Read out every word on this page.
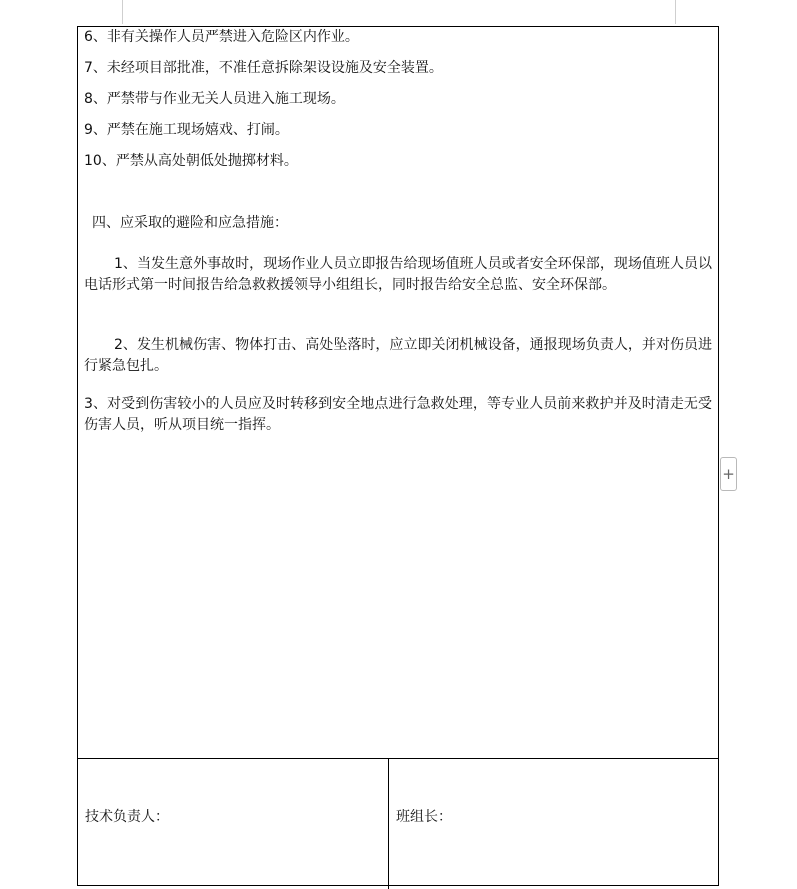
6、非有关操作人员严禁进入危险区内作业。
7、未经项目部批准，不准任意拆除架设设施及安全装置。
8、严禁带与作业无关人员进入施工现场。
9、严禁在施工现场嬉戏、打闹。
10、严禁从高处朝低处抛掷材料。
四、应采取的避险和应急措施：
1、当发生意外事故时，现场作业人员立即报告给现场值班人员或者安全环保部，现场值班人员以电话形式第一时间报告给急救救援领导小组组长，同时报告给安全总监、安全环保部。
2、发生机械伤害、物体打击、高处坠落时，应立即关闭机械设备，通报现场负责人，并对伤员进行紧急包扎。
3、对受到伤害较小的人员应及时转移到安全地点进行急救处理，等专业人员前来救护并及时清走无受伤害人员，听从项目统一指挥。
技术负责人：	班组长：
+
